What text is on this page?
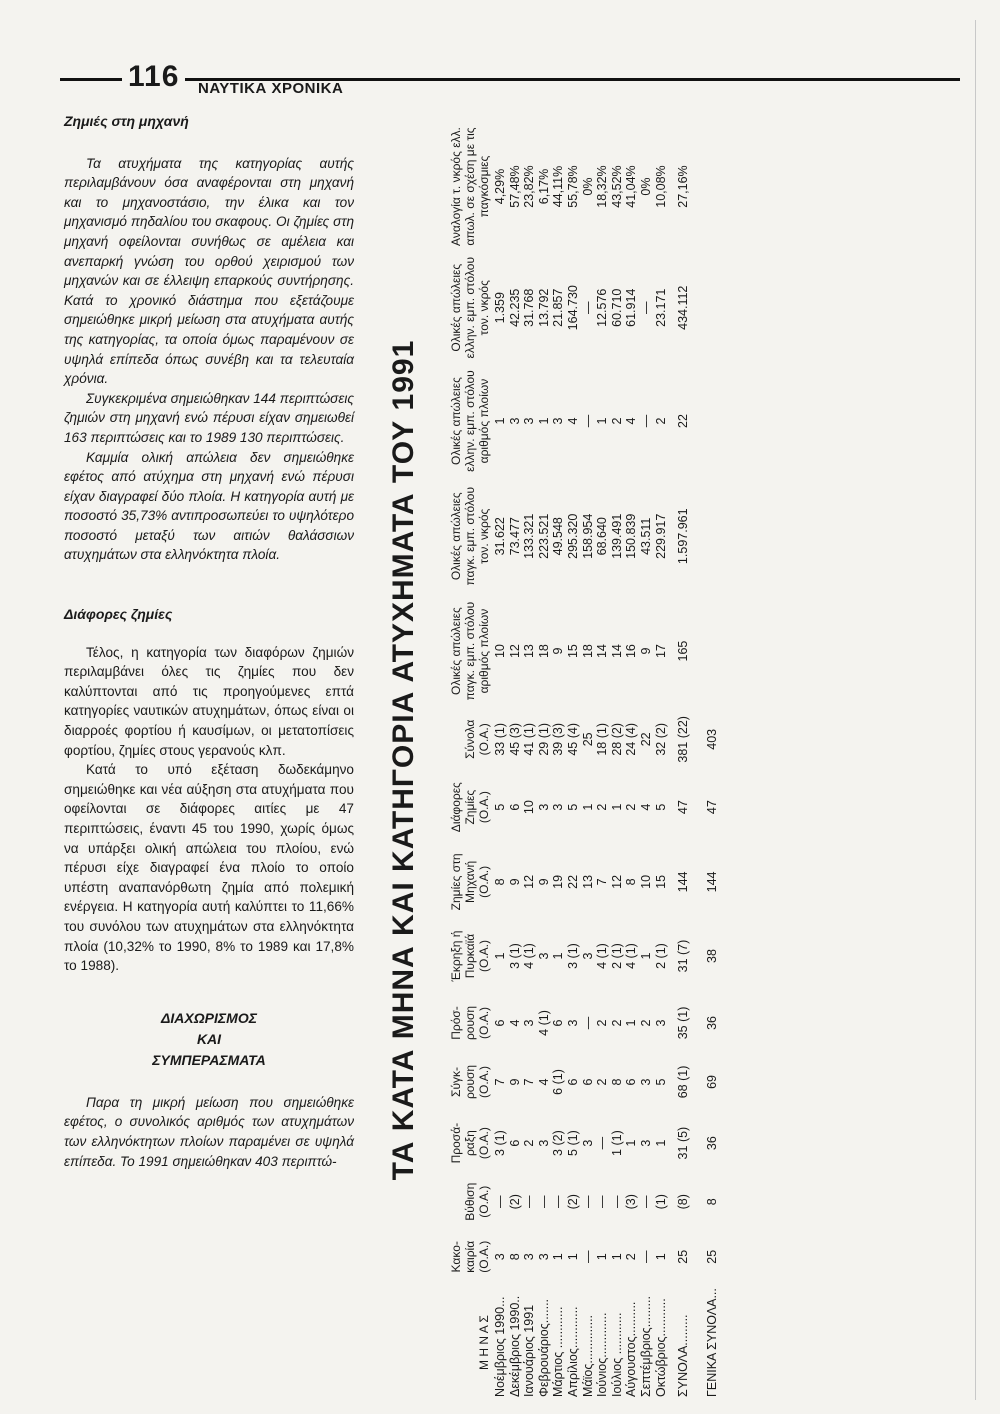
116	ΝΑΥΤΙΚΑ ΧΡΟΝΙΚΑ

Ζημιές στη μηχανή

Τα ατυχήματα της κατηγορίας αυτής περιλαμβάνουν όσα αναφέρονται στη μηχανή και το μηχανοστάσιο, την έλικα και τον μηχανισμό πηδαλίου του σκαφους. Οι ζημίες στη μηχανή οφείλονται συνήθως σε αμέλεια και ανεπαρκή γνώση του ορθού χειρισμού των μηχανών και σε έλλειψη επαρκούς συντήρησης. Κατά το χρονικό διάστημα που εξετάζουμε σημειώθηκε μικρή μείωση στα ατυχήματα αυτής της κατηγορίας, τα οποία όμως παραμένουν σε υψηλά επίπεδα όπως συνέβη και τα τελευταία χρόνια.

Συγκεκριμένα σημειώθηκαν 144 περιπτώσεις ζημιών στη μηχανή ενώ πέρυσι είχαν σημειωθεί 163 περιπτώσεις και το 1989 130 περιπτώσεις.

Καμμία ολική απώλεια δεν σημειώθηκε εφέτος από ατύχημα στη μηχανή ενώ πέρυσι είχαν διαγραφεί δύο πλοία. Η κατηγορία αυτή με ποσοστό 35,73% αντιπροσωπεύει το υψηλότερο ποσοστό μεταξύ των αιτιών θαλάσσιων ατυχημάτων στα ελληνόκτητα πλοία.

Διάφορες ζημίες

Τέλος, η κατηγορία των διαφόρων ζημιών περιλαμβάνει όλες τις ζημίες που δεν καλύπτονται από τις προηγούμενες επτά κατηγορίες ναυτικών ατυχημάτων, όπως είναι οι διαρροές φορτίου ή καυσίμων, οι μετατοπίσεις φορτίου, ζημίες στους γερανούς κλπ.

Κατά το υπό εξέταση δωδεκάμηνο σημειώθηκε και νέα αύξηση στα ατυχήματα που οφείλονται σε διάφορες αιτίες με 47 περιπτώσεις, έναντι 45 του 1990, χωρίς όμως να υπάρξει ολική απώλεια του πλοίου, ενώ πέρυσι είχε διαγραφεί ένα πλοίο το οποίο υπέστη αναπανόρθωτη ζημία από πολεμική ενέργεια. Η κατηγορία αυτή καλύπτει το 11,66% του συνόλου των ατυχημάτων στα ελληνόκτητα πλοία (10,32% το 1990, 8% το 1989 και 17,8% το 1988).

ΔΙΑΧΩΡΙΣΜΟΣ
ΚΑΙ
ΣΥΜΠΕΡΑΣΜΑΤΑ

Παρα τη μικρή μείωση που σημειώθηκε εφέτος, ο συνολικός αριθμός των ατυχημάτων των ελληνόκτητων πλοίων παραμένει σε υψηλά επίπεδα. Το 1991 σημειώθηκαν 403 περιπτώ-	ΤΑ ΚΑΤΑ ΜΗΝΑ ΚΑΙ ΚΑΤΗΓΟΡΙΑ ΑΤΥΧΗΜΑΤΑ ΤΟΥ 1991
Μ Η Ν Α Σ	Κακο- καιρία (Ο.Α.)	Βύθιση (Ο.Α.)	Προσά- ραξη (Ο.Α.)	Σύγκ- ρουση (Ο.Α.)	Πρόσ- ρουση (Ο.Α.)	Έκρηξη ή Πυρκαϊά (Ο.Α.)	Ζημίες στη Μηχανή (Ο.Α.)	Διάφορες Ζημίες (Ο.Α.)	Σύνολα (Ο.Α.)	Ολικές απώλειες παγκ. εμπ. στόλου αριθμός πλοίων	Ολικές απώλειες παγκ. εμπ. στόλου τον. νκρός	Ολικές απώλειες ελλην. εμπ. στόλου αριθμός πλοίων	Ολικές απώλειες ελλην. εμπ. στόλου τον. νκρός	Αναλογία τ. νκρός ελλ. απωλ. σε σχέση με τις παγκόσμιες
Νοέμβριος 1990...	3	—	3 (1)	7	6	1	8	5	33 (1)	10	31.622	1	1.359	4,29%
Δεκέμβριος 1990..	8	(2)	6	9	4	3 (1)	9	6	45 (3)	12	73.477	3	42.235	57,48%
Ιανουάριος 1991	3	—	2	7	3	4 (1)	12	10	41 (1)	13	133.321	3	31.768	23,82%
Φεβρουάριος.......	3	—	3	4	4 (1)	3	9	3	29 (1)	18	223.521	1	13.792	6,17%
Μάρτιος ............	1	—	3 (2)	6 (1)	6	1	19	3	39 (3)	9	49.548	3	21.857	44,11%
Απρίλιος............	1	(2)	5 (1)	6	3	3 (1)	22	5	45 (4)	15	295.320	4	164.730	55,78%
Μάϊος..............	—	—	3	6	—	3	13	1	25	18	158.954	—	—	0%
Ιούνιος.............	1	—	—	2	2	4 (1)	7	2	18 (1)	14	68.640	1	12.576	18,32%
Ιούλιος ............	1	—	1 (1)	8	2	2 (1)	12	1	28 (2)	14	139.491	2	60.710	43,52%
Αύγουστος..........	2	(3)	1	6	1	4 (1)	8	2	24 (4)	16	150.839	4	61.914	41,04%
Σεπτέμβριος.........	—	—	3	3	2	1	10	4	22	9	43.511	—	—	0%
Οκτώβριος...........	1	(1)	1	5	3	2 (1)	15	5	32 (2)	17	229.917	2	23.171	10,08%
ΣΥΝΟΛΑ.........	25	(8)	31 (5)	68 (1)	35 (1)	31 (7)	144	47	381 (22)	165	1.597.961	22	434.112	27,16%
ΓΕΝΙΚΑ ΣΥΝΟΛΑ...	25	8	36	69	36	38	144	47	403					
